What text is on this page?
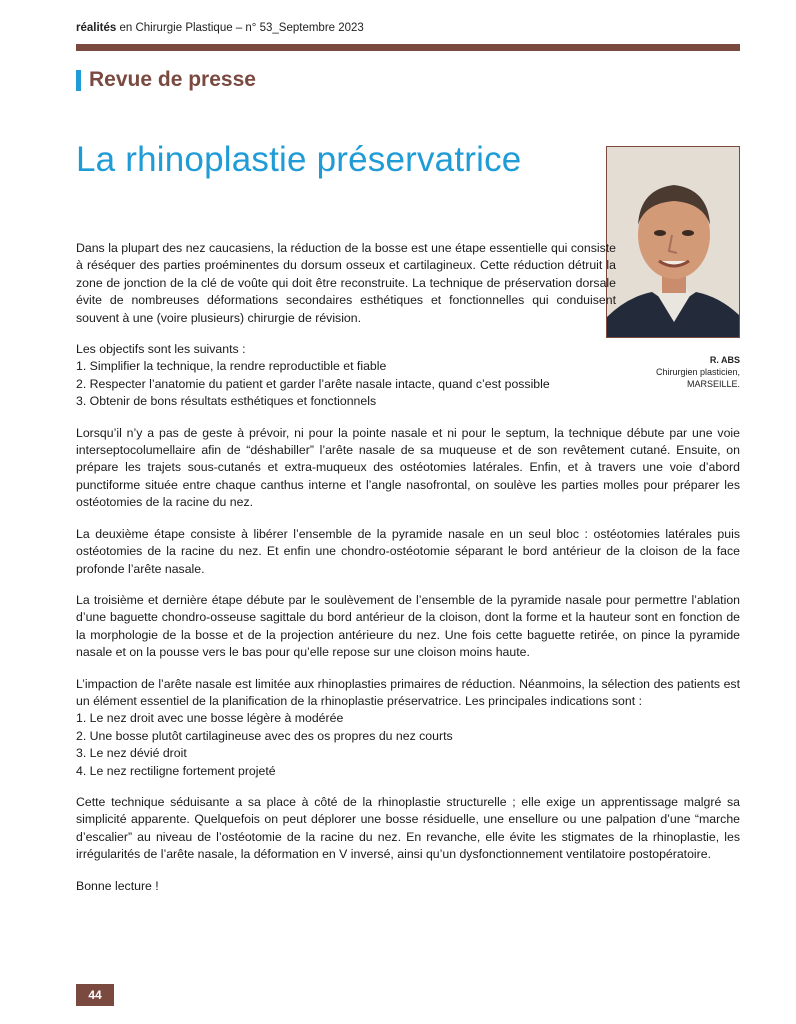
réalités en Chirurgie Plastique – n° 53_Septembre 2023
Revue de presse
La rhinoplastie préservatrice
R. ABS
Chirurgien plasticien,
MARSEILLE.

Dans la plupart des nez caucasiens, la réduction de la bosse est une étape essentielle qui consiste à réséquer des parties proéminentes du dorsum osseux et cartilagineux. Cette réduction détruit la zone de jonction de la clé de voûte qui doit être reconstruite. La technique de préservation dorsale évite de nombreuses déformations secondaires esthétiques et fonctionnelles qui conduisent souvent à une (voire plusieurs) chirurgie de révision.

Les objectifs sont les suivants :

1. Simplifier la technique, la rendre reproductible et fiable
2. Respecter l’anatomie du patient et garder l’arête nasale intacte, quand c’est possible
3. Obtenir de bons résultats esthétiques et fonctionnels

Lorsqu’il n’y a pas de geste à prévoir, ni pour la pointe nasale et ni pour le septum, la technique débute par une voie interseptocolumellaire afin de “déshabiller” l’arête nasale de sa muqueuse et de son revêtement cutané. Ensuite, on prépare les trajets sous-cutanés et extra-muqueux des ostéotomies latérales. Enfin, et à travers une voie d’abord punctiforme située entre chaque canthus interne et l’angle nasofrontal, on soulève les parties molles pour préparer les ostéotomies de la racine du nez.

La deuxième étape consiste à libérer l’ensemble de la pyramide nasale en un seul bloc : ostéotomies latérales puis ostéotomies de la racine du nez. Et enfin une chondro-ostéotomie séparant le bord antérieur de la cloison de la face profonde l’arête nasale.

La troisième et dernière étape débute par le soulèvement de l’ensemble de la pyramide nasale pour permettre l’ablation d’une baguette chondro-osseuse sagittale du bord antérieur de la cloison, dont la forme et la hauteur sont en fonction de la morphologie de la bosse et de la projection antérieure du nez. Une fois cette baguette retirée, on pince la pyramide nasale et on la pousse vers le bas pour qu’elle repose sur une cloison moins haute.

L’impaction de l’arête nasale est limitée aux rhinoplasties primaires de réduction. Néanmoins, la sélection des patients est un élément essentiel de la planification de la rhinoplastie préservatrice. Les principales indications sont :

1. Le nez droit avec une bosse légère à modérée
2. Une bosse plutôt cartilagineuse avec des os propres du nez courts
3. Le nez dévié droit
4. Le nez rectiligne fortement projeté

Cette technique séduisante a sa place à côté de la rhinoplastie structurelle ; elle exige un apprentissage malgré sa simplicité apparente. Quelquefois on peut déplorer une bosse résiduelle, une ensellure ou une palpation d’une “marche d’escalier” au niveau de l’ostéotomie de la racine du nez. En revanche, elle évite les stigmates de la rhinoplastie, les irrégularités de l’arête nasale, la déformation en V inversé, ainsi qu’un dysfonctionnement ventilatoire postopératoire.

Bonne lecture !

44
